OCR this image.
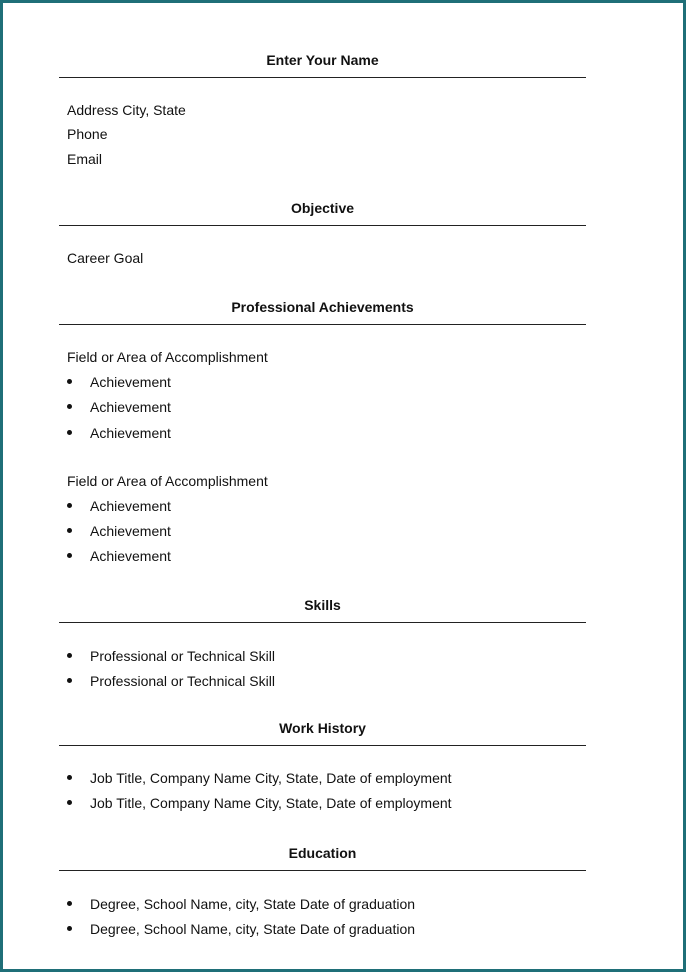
Enter Your Name
Address City, State
Phone
Email
Objective
Career Goal
Professional Achievements
Field or Area of Accomplishment
Achievement
Achievement
Achievement
Field or Area of Accomplishment
Achievement
Achievement
Achievement
Skills
Professional or Technical Skill
Professional or Technical Skill
Work History
Job Title, Company Name City, State, Date of employment
Job Title, Company Name City, State, Date of employment
Education
Degree, School Name, city, State Date of graduation
Degree, School Name, city, State Date of graduation
